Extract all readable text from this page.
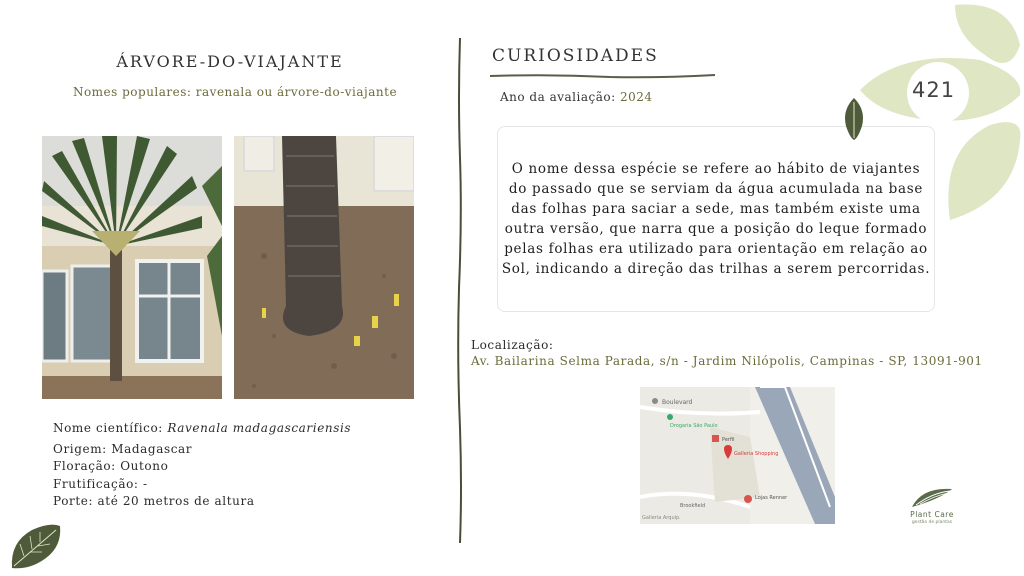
ÁRVORE-DO-VIAJANTE
Nomes populares: ravenala ou árvore-do-viajante
Nome científico: Ravenala madagascariensis
Origem: Madagascar
Floração: Outono
Frutificação: -
Porte: até 20 metros de altura
CURIOSIDADES
Ano da avaliação: 2024
O nome dessa espécie se refere ao hábito de viajantes do passado que se serviam da água acumulada na base das folhas para saciar a sede, mas também existe uma outra versão, que narra que a posição do leque formado pelas folhas era utilizado para orientação em relação ao Sol, indicando a direção das trilhas a serem percorridas.
Localização:
Av. Bailarina Selma Parada, s/n - Jardim Nilópolis, Campinas - SP, 13091-901
Boulevard
Drogaria São Paulo
Perfil
Galleria Shopping
Lojas Renner
Brookfield
Galleria Arquip.
421
Plant Care
gestão de plantas
